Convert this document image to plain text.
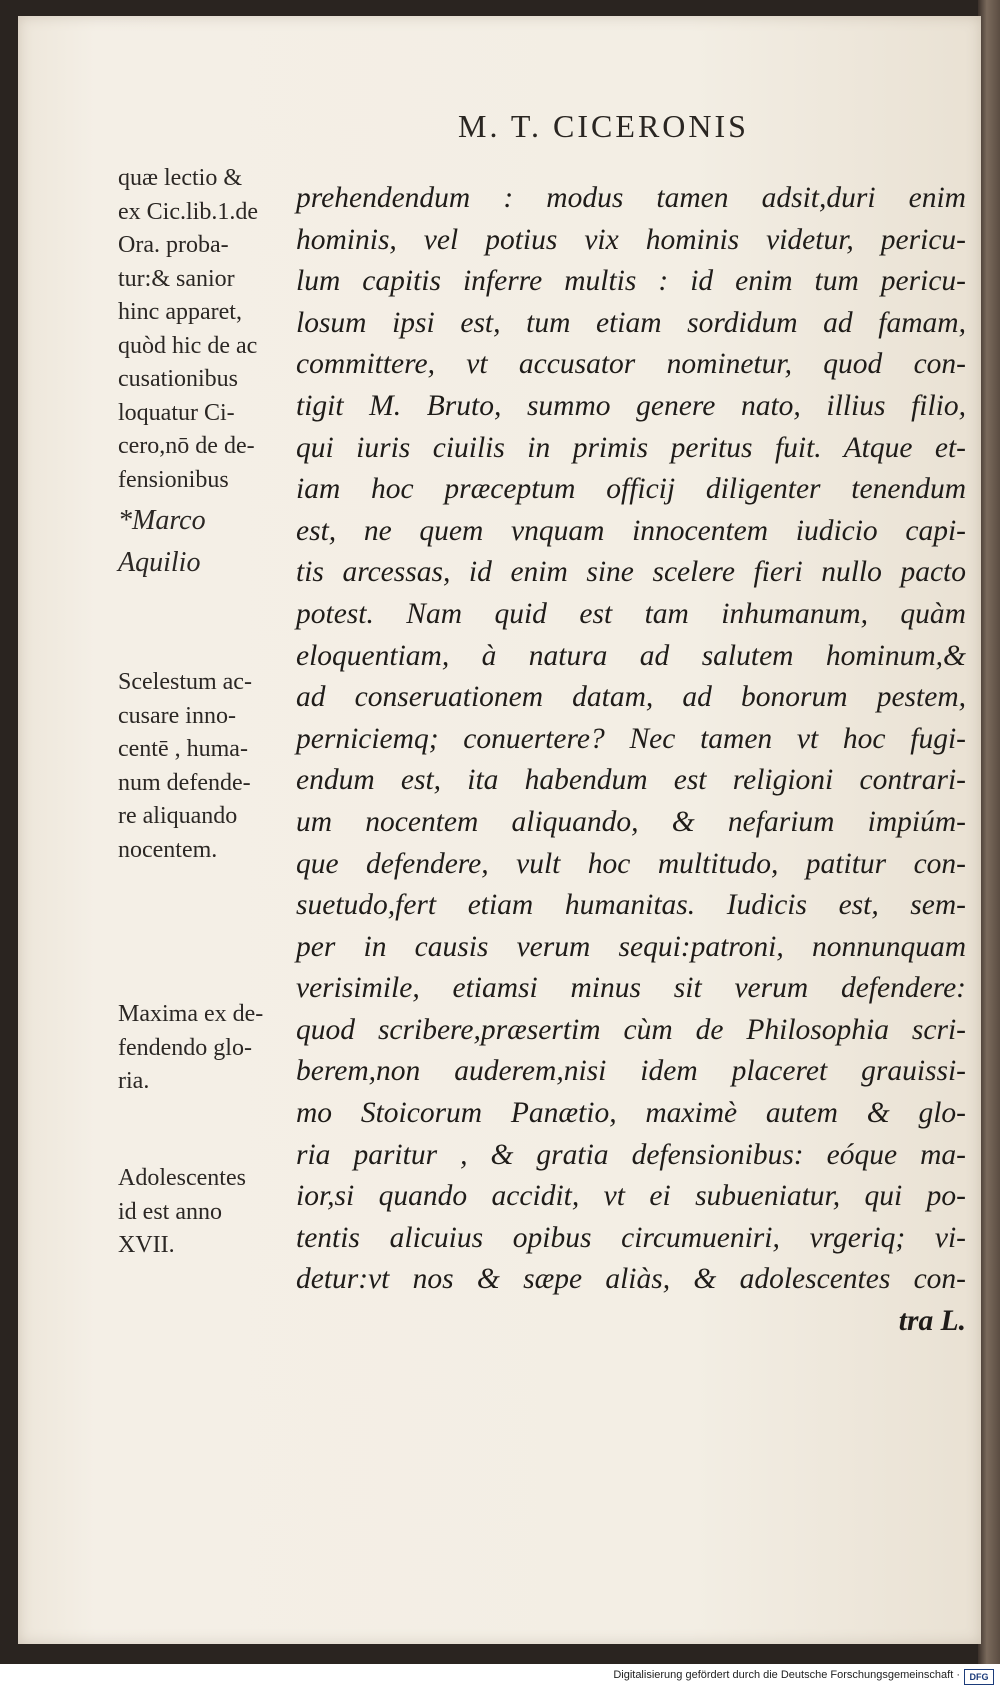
M. T. CICERONIS
prehendendum : modus tamen adsit,duri enim
hominis, vel potius vix hominis videtur, pericu-
lum capitis inferre multis : id enim tum pericu-
losum ipsi est, tum etiam sordidum ad famam,
committere, vt accusator nominetur, quod con-
tigit M. Bruto, summo genere nato, illius filio,
qui iuris ciuilis in primis peritus fuit. Atque et-
iam hoc præceptum officij diligenter tenendum
est, ne quem vnquam innocentem iudicio capi-
tis arcessas, id enim sine scelere fieri nullo pacto
potest. Nam quid est tam inhumanum, quàm
eloquentiam, à natura ad salutem hominum,&
ad conseruationem datam, ad bonorum pestem,
perniciemq; conuertere? Nec tamen vt hoc fugi-
endum est, ita habendum est religioni contrari-
um nocentem aliquando, & nefarium impiúm-
que defendere, vult hoc multitudo, patitur con-
suetudo,fert etiam humanitas. Iudicis est, sem-
per in causis verum sequi:patroni, nonnunquam
verisimile, etiamsi minus sit verum defendere:
quod scribere,præsertim cùm de Philosophia scri-
berem,non auderem,nisi idem placeret grauissi-
mo Stoicorum Panætio, maximè autem & glo-
ria paritur , & gratia defensionibus: eóque ma-
ior,si quando accidit, vt ei subueniatur, qui po-
tentis alicuius opibus circumueniri, vrgeriq; vi-
detur:vt nos & sæpe aliàs, & adolescentes con-
tra L.
quæ lectio &
ex Cic.lib.1.de
Ora. proba-
tur:& sanior
hinc apparet,
quòd hic de ac
cusationibus
loquatur Ci-
cero,nō de de-
fensionibus
*Marco
Aquilio
Scelestum ac-
cusare inno-
centē , huma-
num defende-
re aliquando
nocentem.
Maxima ex de-
fendendo glo-
ria.
Adolescentes
id est anno
XVII.
Digitalisierung gefördert durch die Deutsche Forschungsgemeinschaft ·	DFG
